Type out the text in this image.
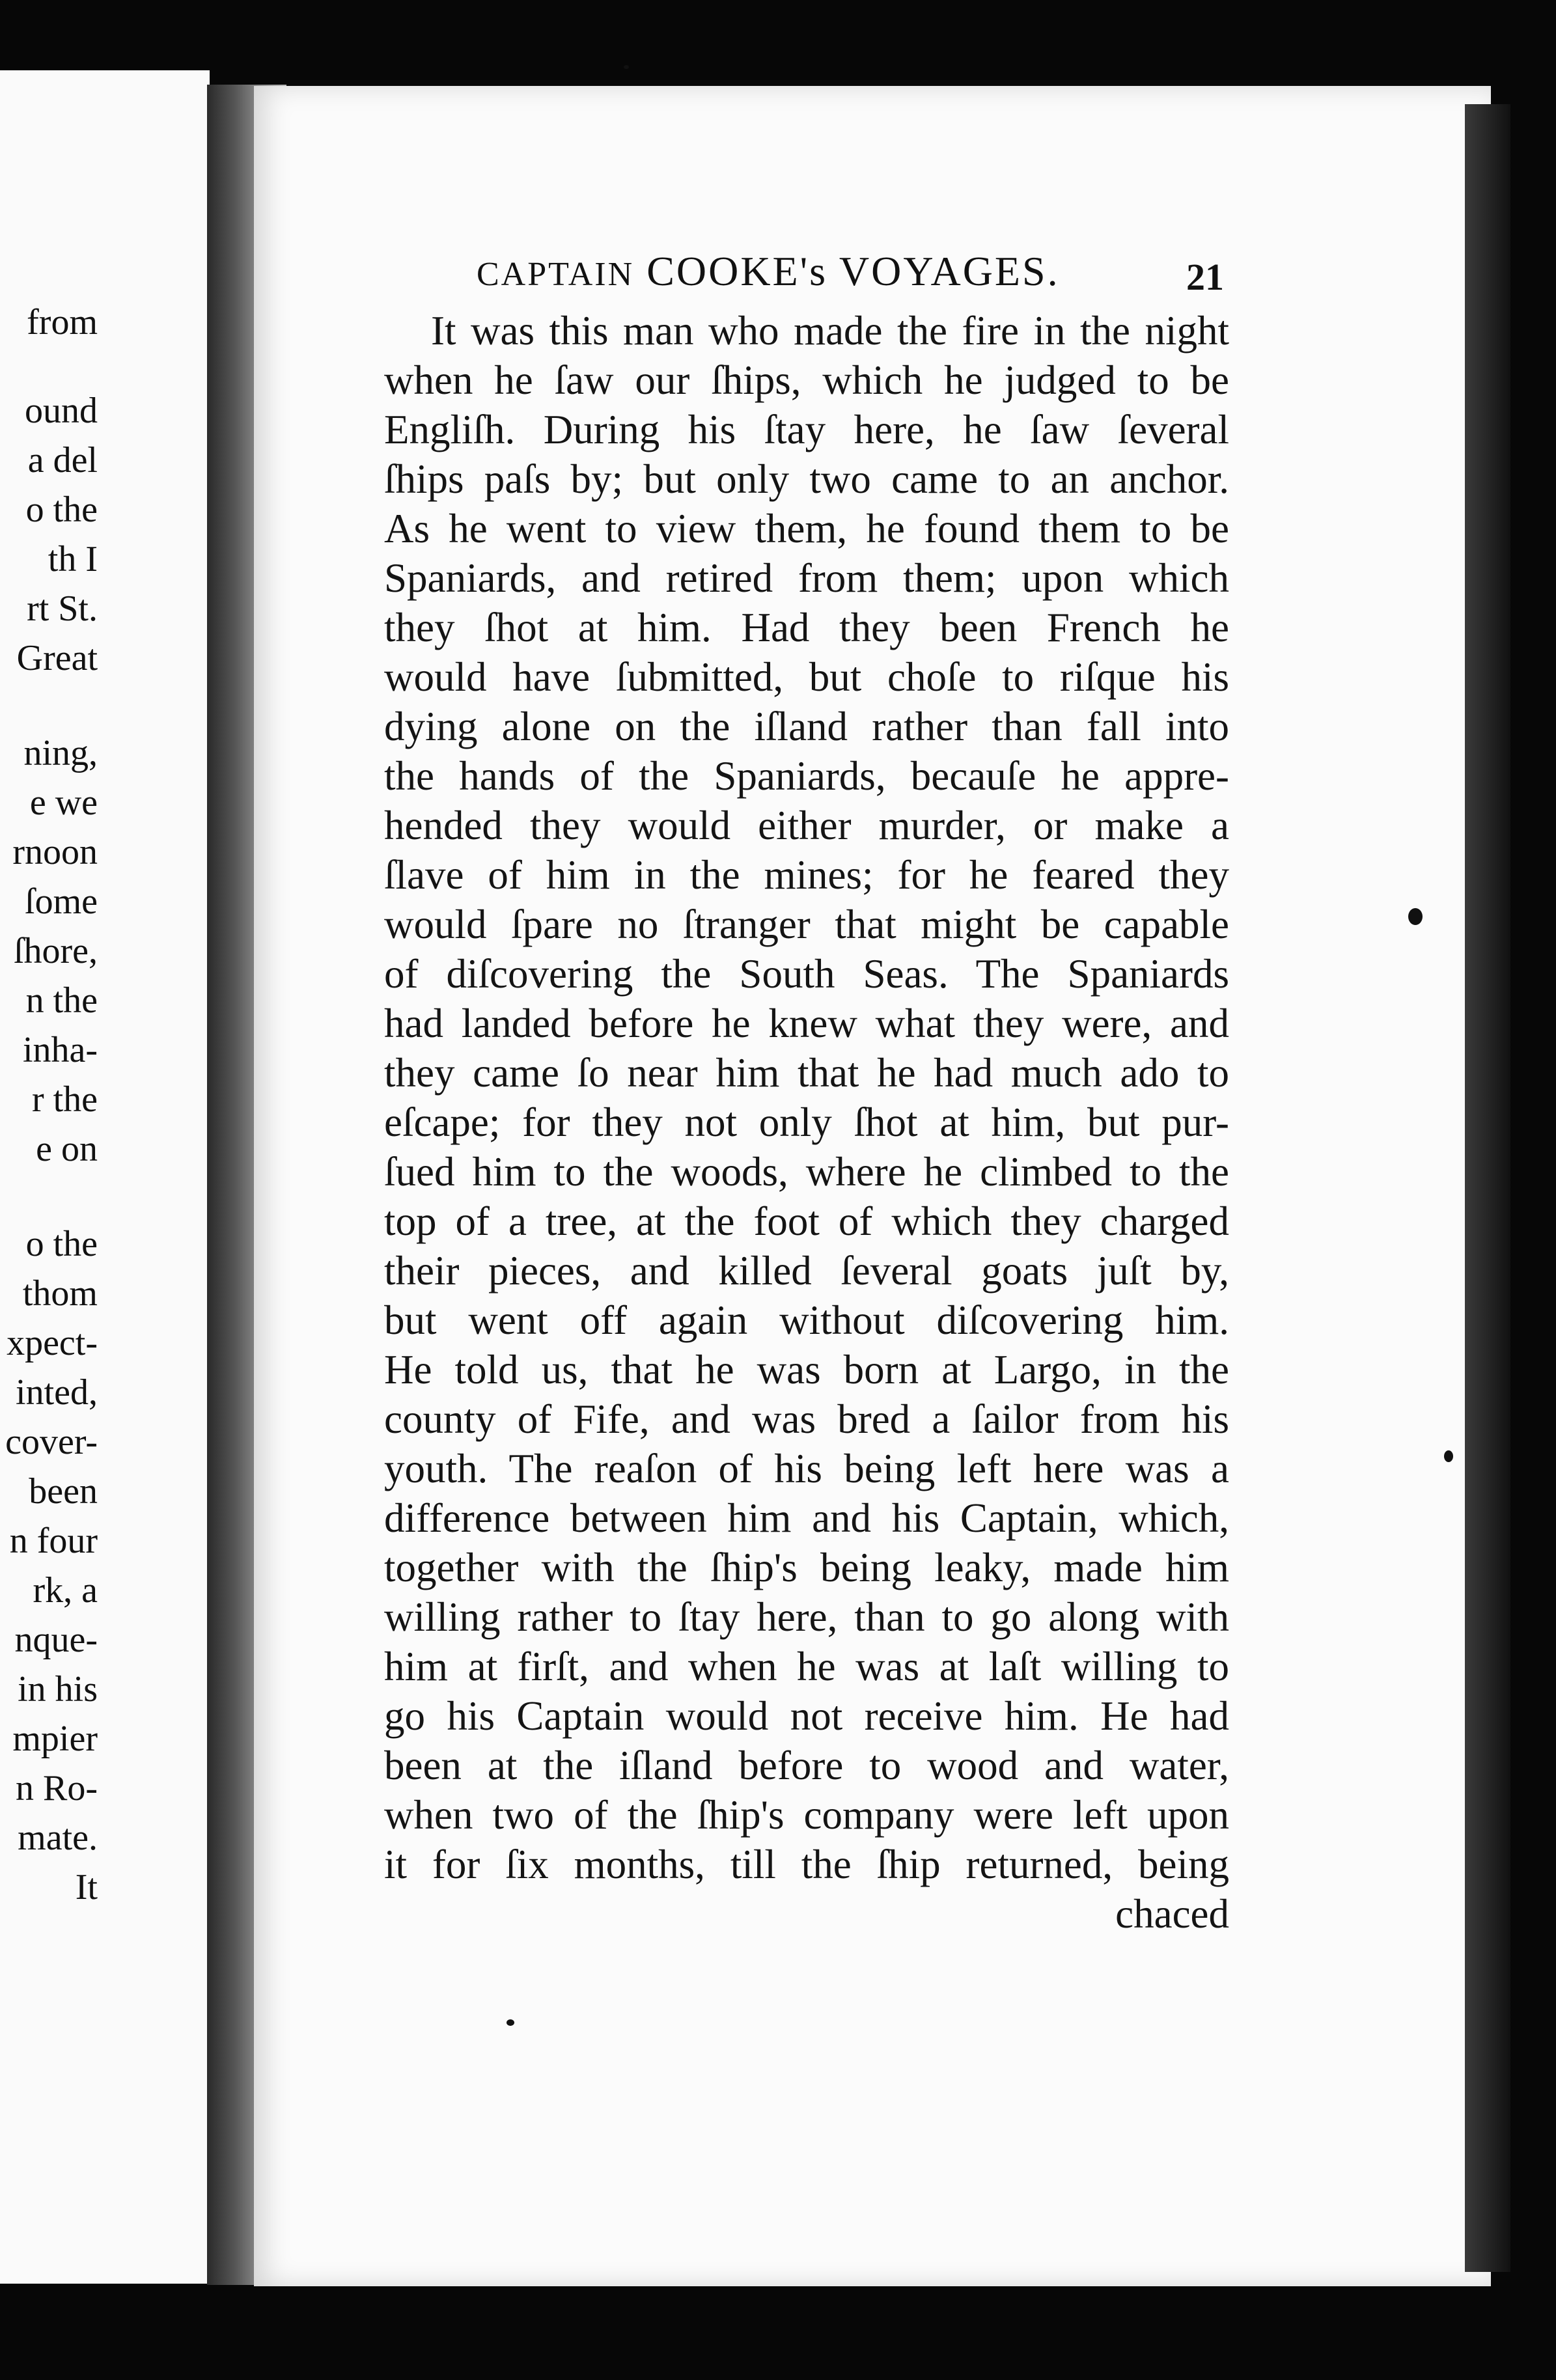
from
ound
a del
o the
th I
rt St.
Great
ning,
e we
rnoon
ſome
ſhore,
n the
inha-
r the
e on
o the
thom
xpect-
inted,
cover-
been
n four
rk, a
nque-
in his
mpier
n Ro-
mate.
It
CAPTAIN COOKE's VOYAGES.	21
It was this man who made the fire in the night
when he ſaw our ſhips, which he judged to be
Engliſh. During his ſtay here, he ſaw ſeveral
ſhips paſs by; but only two came to an anchor.
As he went to view them, he found them to be
Spaniards, and retired from them; upon which
they ſhot at him. Had they been French he
would have ſubmitted, but choſe to riſque his
dying alone on the iſland rather than fall into
the hands of the Spaniards, becauſe he appre-
hended they would either murder, or make a
ſlave of him in the mines; for he feared they
would ſpare no ſtranger that might be capable
of diſcovering the South Seas. The Spaniards
had landed before he knew what they were, and
they came ſo near him that he had much ado to
eſcape; for they not only ſhot at him, but pur-
ſued him to the woods, where he climbed to the
top of a tree, at the foot of which they charged
their pieces, and killed ſeveral goats juſt by,
but went off again without diſcovering him.
He told us, that he was born at Largo, in the
county of Fife, and was bred a ſailor from his
youth. The reaſon of his being left here was a
difference between him and his Captain, which,
together with the ſhip's being leaky, made him
willing rather to ſtay here, than to go along with
him at firſt, and when he was at laſt willing to
go his Captain would not receive him. He had
been at the iſland before to wood and water,
when two of the ſhip's company were left upon
it for ſix months, till the ſhip returned, being
chaced
